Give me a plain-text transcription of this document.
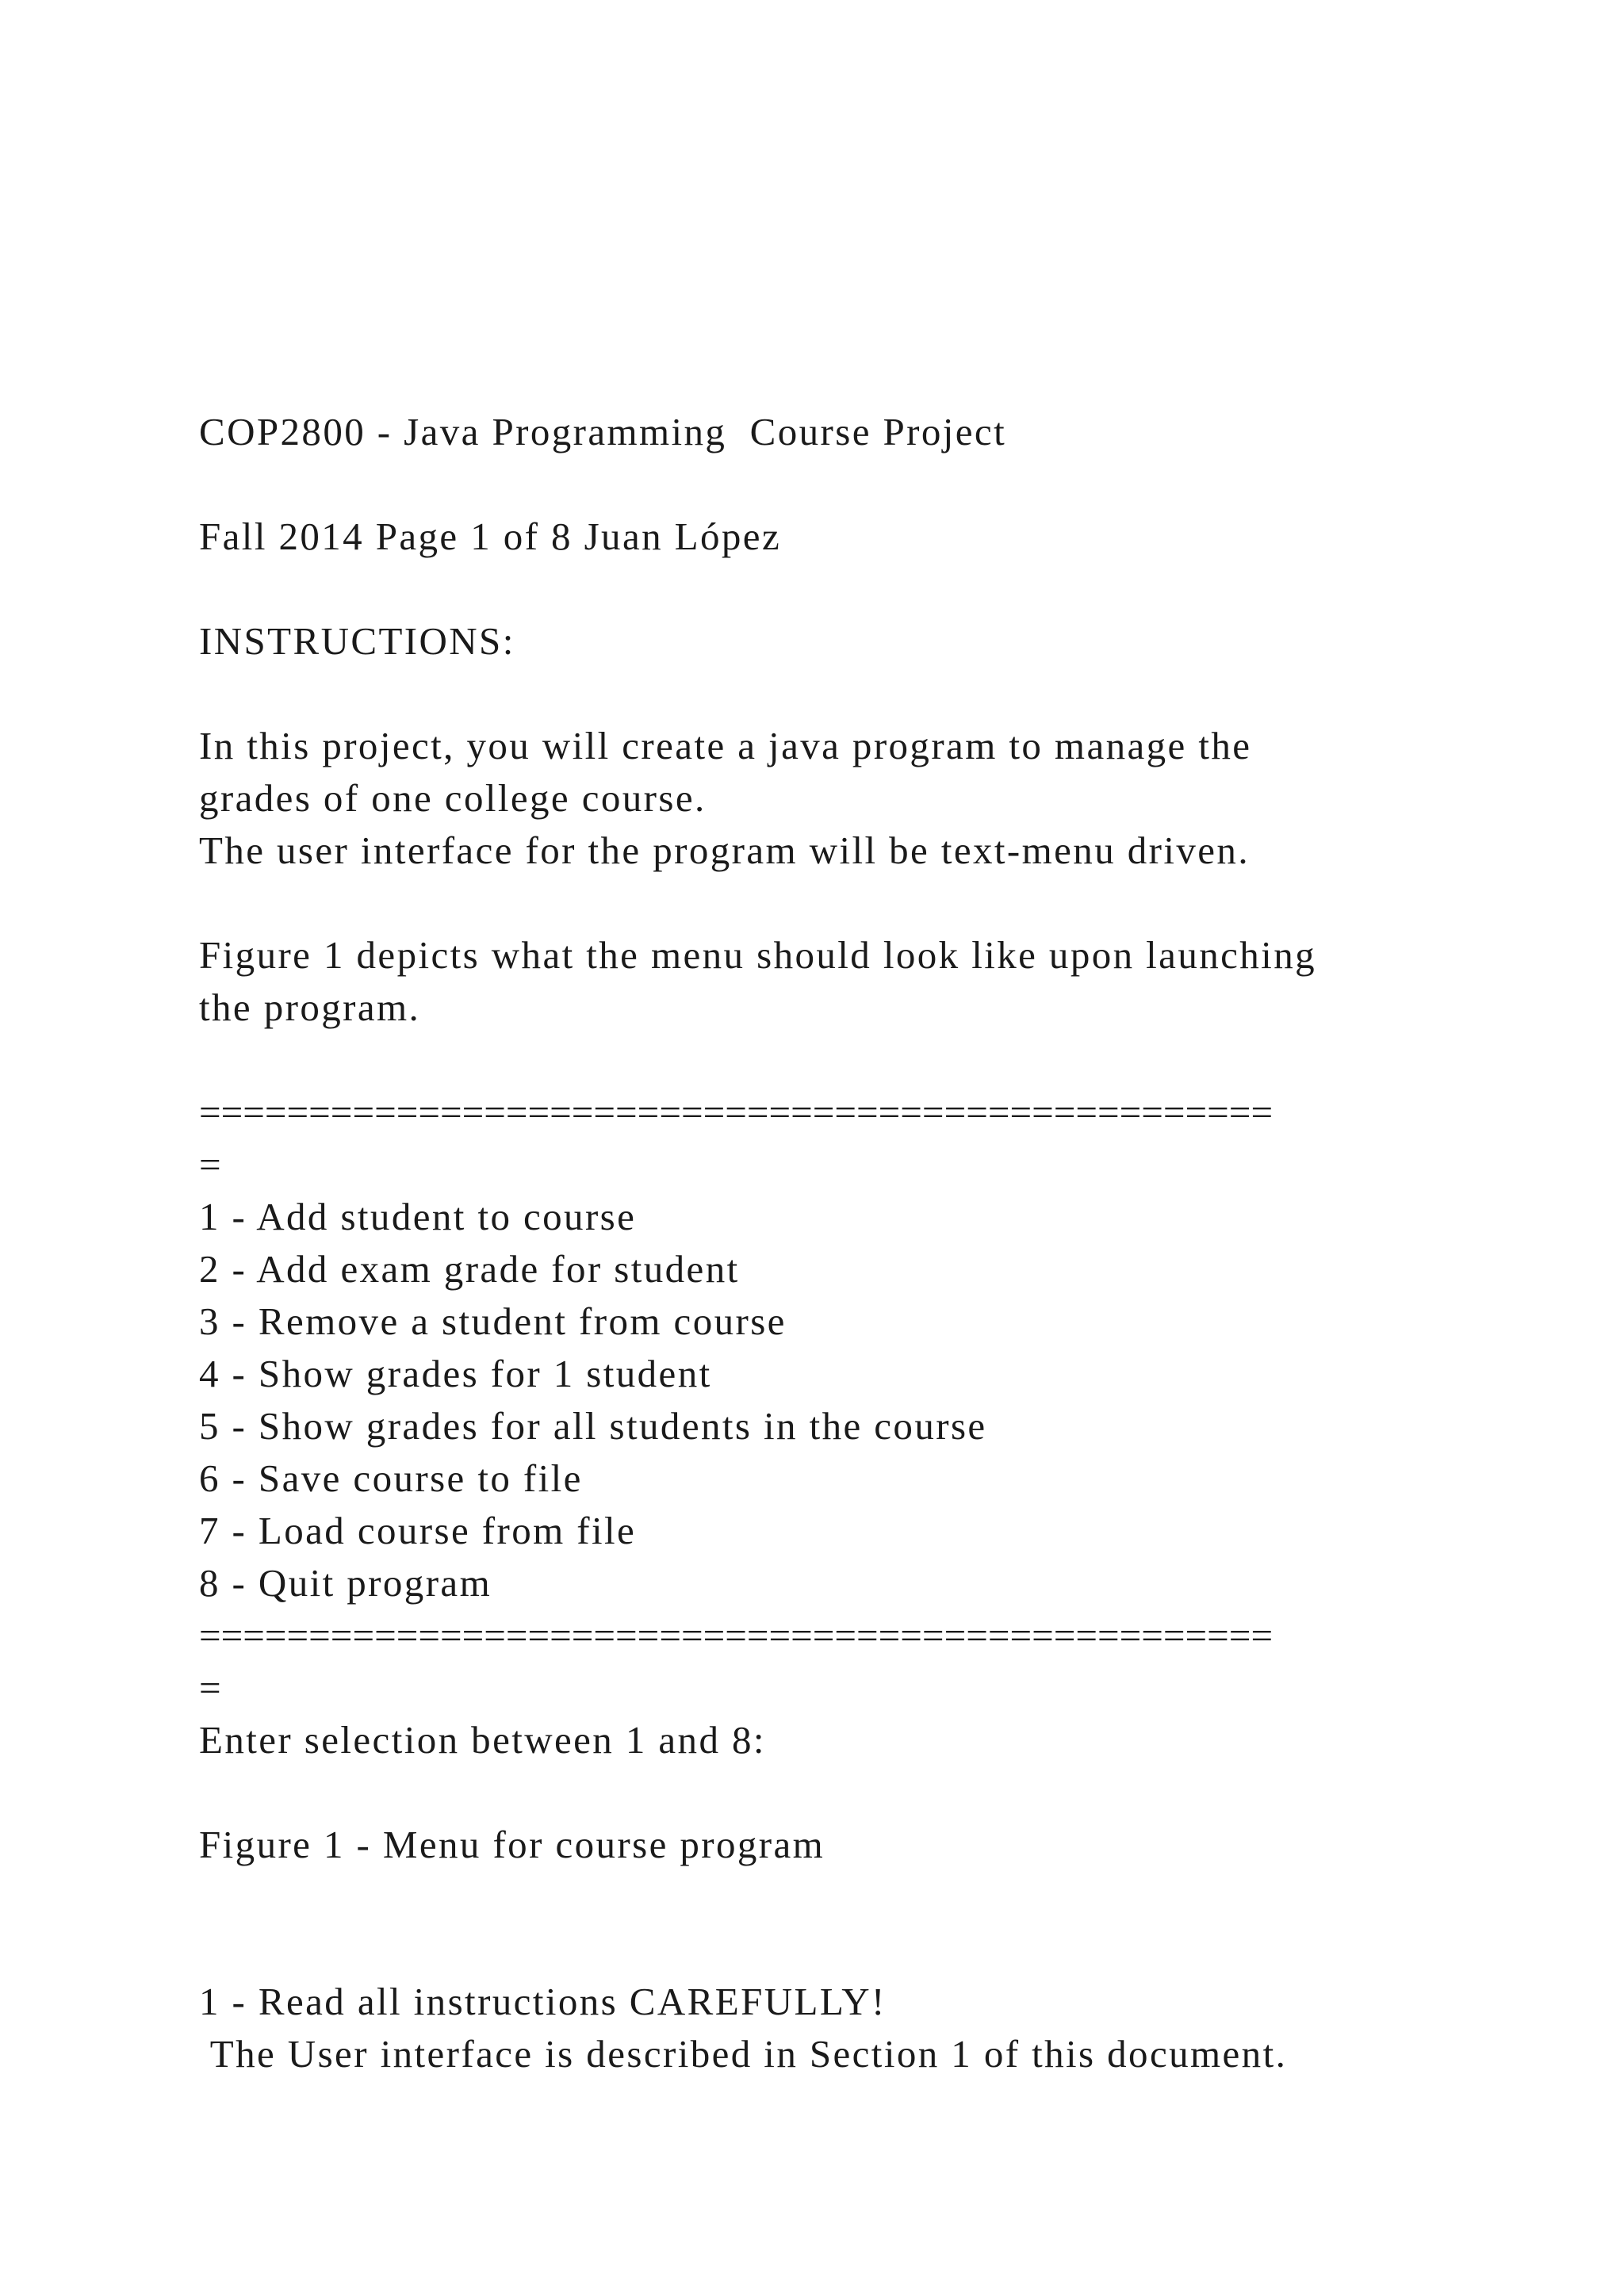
COP2800 - Java Programming  Course Project
Fall 2014 Page 1 of 8 Juan López
INSTRUCTIONS:
In this project, you will create a java program to manage the
grades of one college course.
The user interface for the program will be text-menu driven.
Figure 1 depicts what the menu should look like upon launching
the program.
=================================================
=
1 - Add student to course
2 - Add exam grade for student
3 - Remove a student from course
4 - Show grades for 1 student
5 - Show grades for all students in the course
6 - Save course to file
7 - Load course from file
8 - Quit program
=================================================
=
Enter selection between 1 and 8:
Figure 1 - Menu for course program
1 - Read all instructions CAREFULLY!
The User interface is described in Section 1 of this document.
